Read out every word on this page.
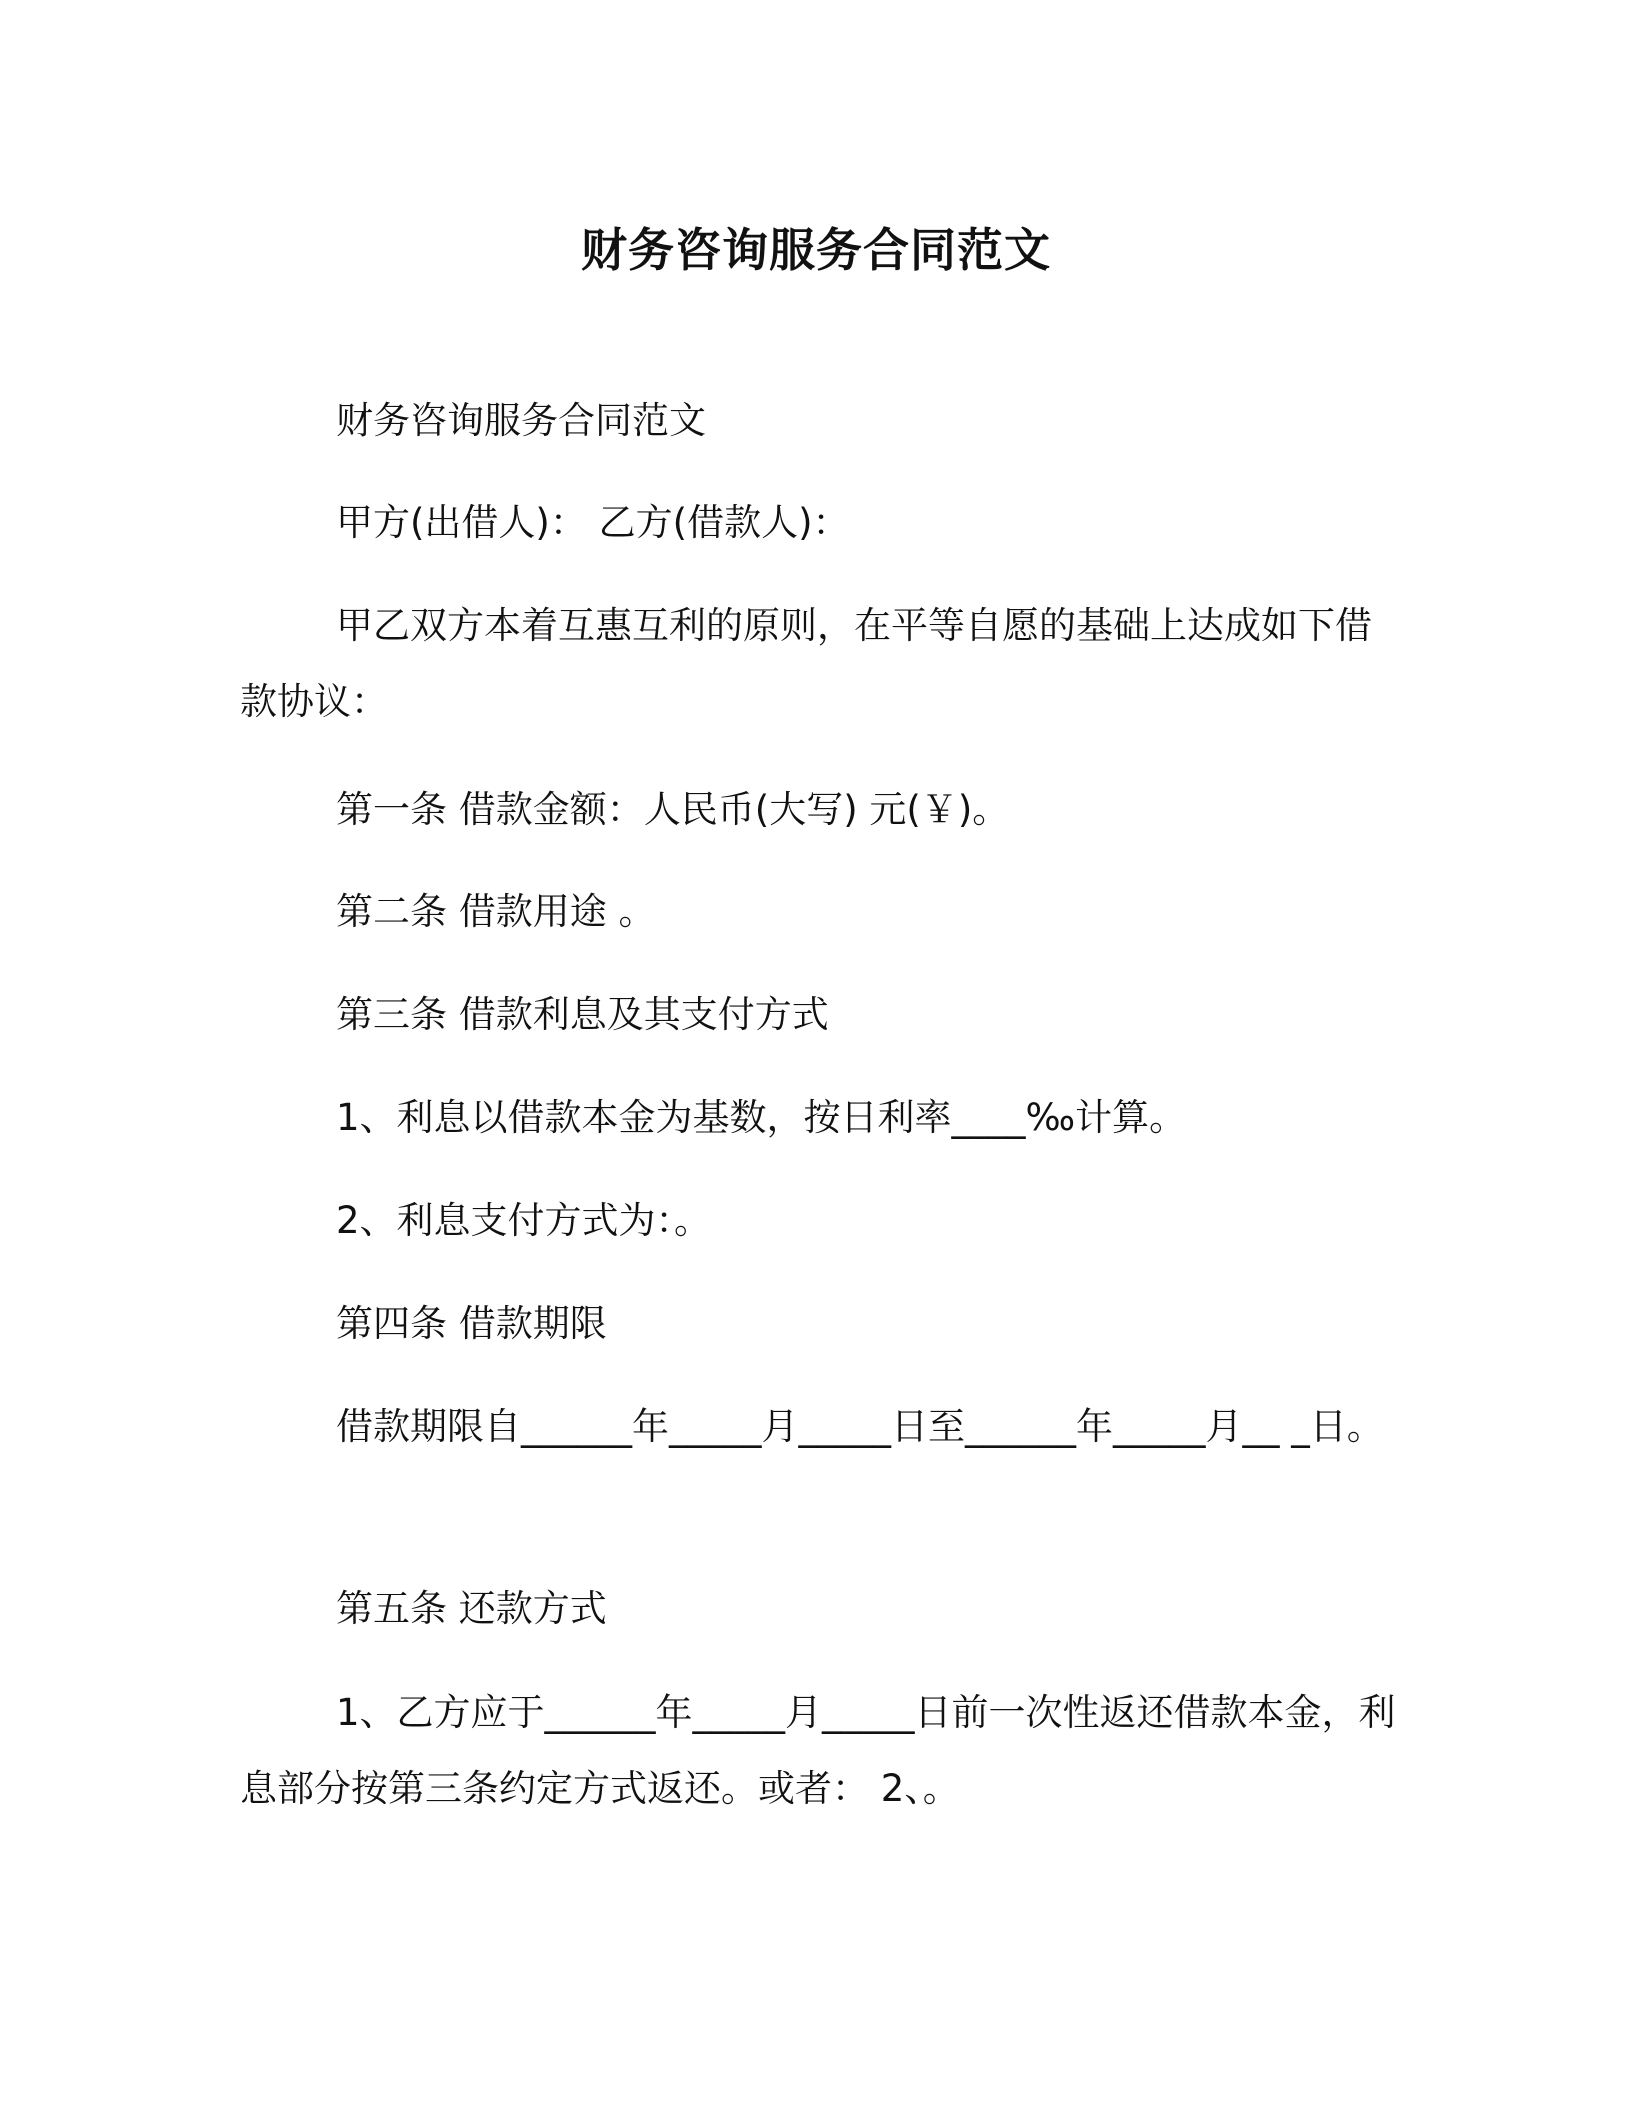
财务咨询服务合同范文

财务咨询服务合同范文

甲方(出借人)： 乙方(借款人)：

甲乙双方本着互惠互利的原则，在平等自愿的基础上达成如下借款协议：

第一条 借款金额：人民币(大写) 元(￥)。

第二条 借款用途 。

第三条 借款利息及其支付方式

1、利息以借款本金为基数，按日利率____‰计算。

2、利息支付方式为：。

第四条 借款期限

借款期限自______年_____月_____日至______年_____月__ _日。

第五条 还款方式

1、乙方应于______年_____月_____日前一次性返还借款本金，利息部分按第三条约定方式返还。或者： 2、。
